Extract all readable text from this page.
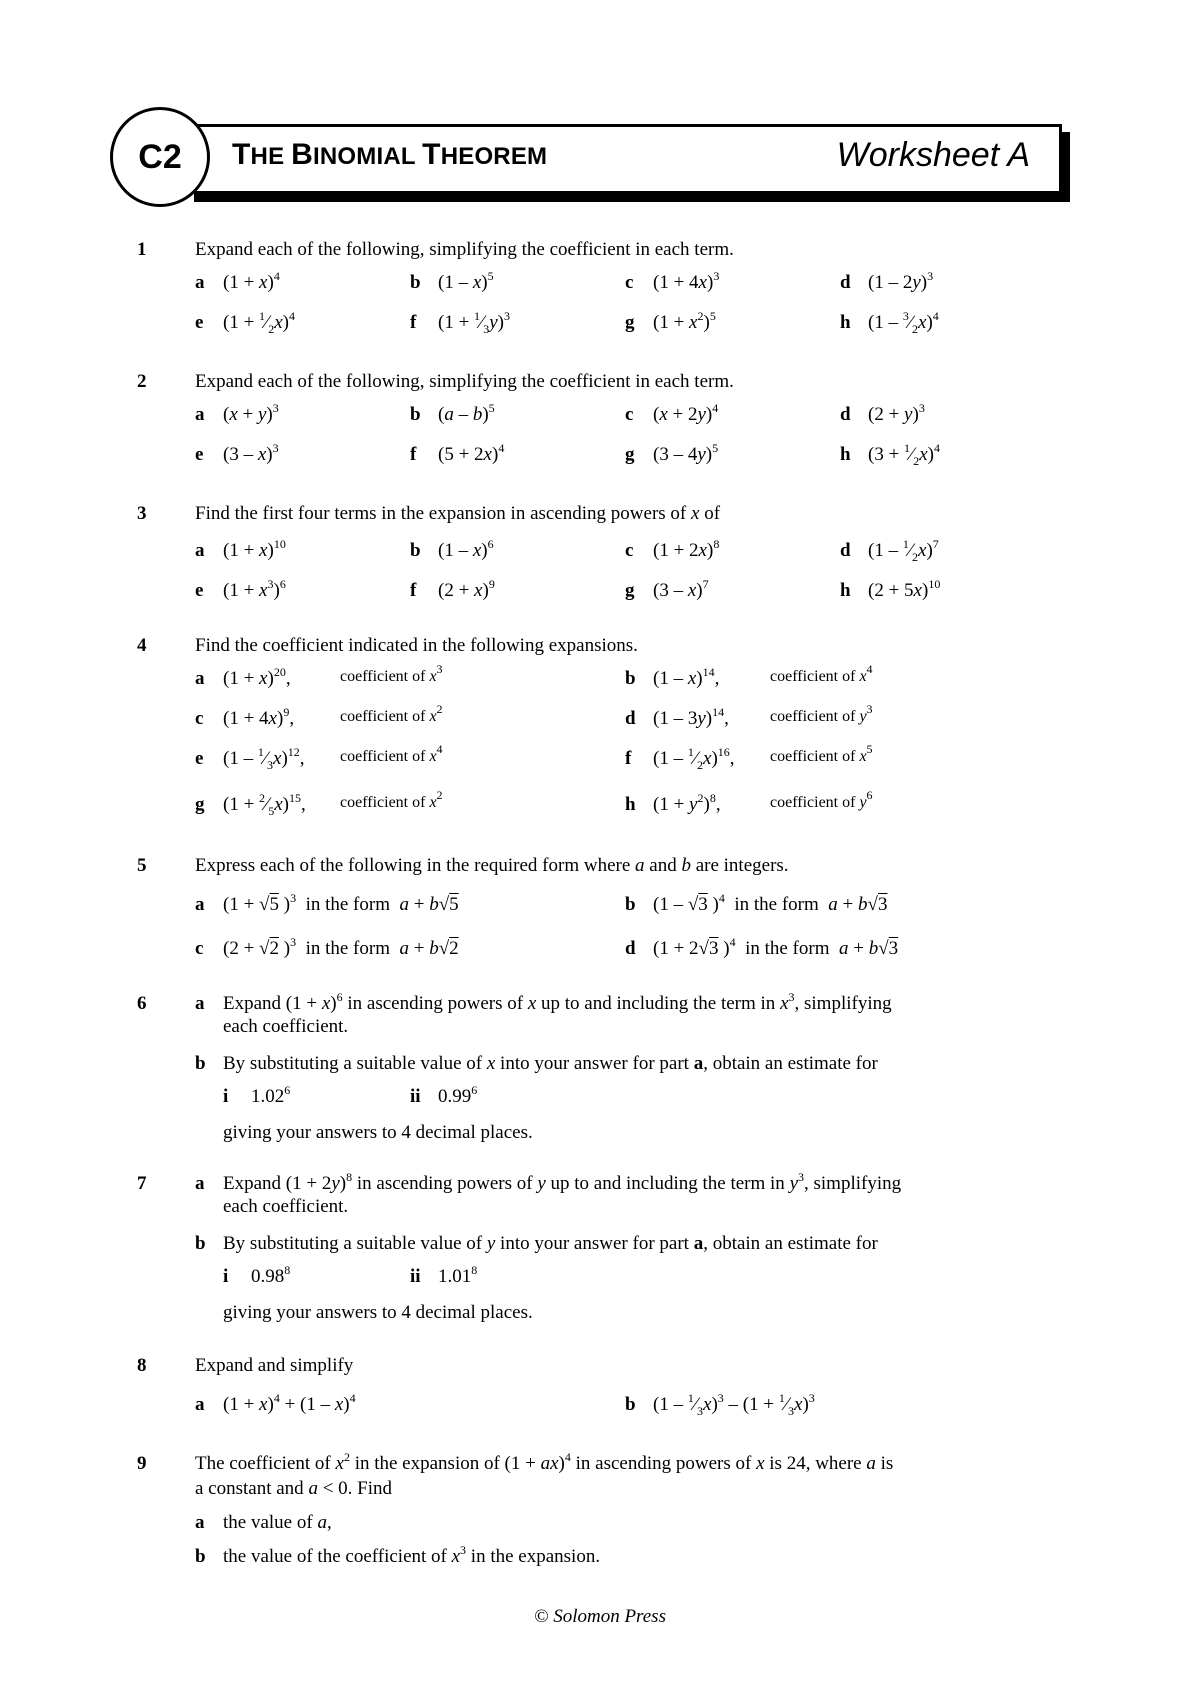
C2 THE BINOMIAL THEOREM	Worksheet A
1	Expand each of the following, simplifying the coefficient in each term.
a $(1 + x)^4$	b (1 – x)$^5$	c $(1 + 4x)^3$	d (1 – 2y)$^3$
e $(1 + ^1⁄_2x)^4$	f $(1 + ^1⁄_3y)^3$	g $(1 + x^2)^5$	h $(1 - ^3⁄_2x)^4$
2	Expand each of the following, simplifying the coefficient in each term.
a $(x + y)^3$	b (a – b)$^5$	c $(x + 2y)^4$	d $(2 + y)^3$
e (3 – x)$^3$	f $(5 + 2x)^4$	g (3 – 4y)$^5$	h $(3 + ^1⁄_2x)^4$
3	Find the first four terms in the expansion in ascending powers of x of
a $(1 + x)^{10}$	b (1 – x)$^6$	c $(1 + 2x)^8$	d $(1 - ^1⁄_2x)^7$
e $(1 + x^3)^6$	f $(2 + x)^9$	g (3 – x)$^7$	h $(2 + 5x)^{10}$
4	Find the coefficient indicated in the following expansions.
a $(1 + x)^{20}$,	coefficient of $x^3$	b (1 – x)$^{14}$,	coefficient of $x^4$
c $(1 + 4x)^9$,	coefficient of $x^2$	d (1 – 3y)$^{14}$,	coefficient of $y^3$
e $(1 - ^1⁄_3x)^{12}$, coefficient of $x^4$	f $(1 - ^1⁄_2x)^{16}$, coefficient of $x^5$
g $(1 + ^2⁄_5x)^{15}$, coefficient of $x^2$	h $(1 + y^2)^8$,	coefficient of $y^6$
5	Express each of the following in the required form where a and b are integers.
a (1 + √5 )$^3$  in the form  a + b√5	b (1 – √3 )$^4$  in the form  a + b√3
c (2 + √2 )$^3$  in the form  a + b√2	d (1 + 2√3 )$^4$  in the form  a + b√3
6	a Expand $(1 + x)^6$ in ascending powers of x up to and including the term in $x^3$, simplifying
each coefficient.
b By substituting a suitable value of x into your answer for part a, obtain an estimate for
i 1.02$^6$	ii 0.99$^6$
giving your answers to 4 decimal places.
7	a Expand $(1 + 2y)^8$ in ascending powers of y up to and including the term in $y^3$, simplifying
each coefficient.
b By substituting a suitable value of y into your answer for part a, obtain an estimate for
i 0.98$^8$	ii 1.01$^8$
giving your answers to 4 decimal places.
8	Expand and simplify
a $(1 + x)^4 + (1 - x)^4$	b $(1 - ^1⁄_3x)^3 - (1$ + $^1⁄_3x)^3$
9	The coefficient of $x^2$ in the expansion of (1 + ax)$^4$ in ascending powers of x is 24, where a is
a constant and a < 0. Find
a the value of a,
b the value of the coefficient of $x^3$ in the expansion.
© Solomon Press
